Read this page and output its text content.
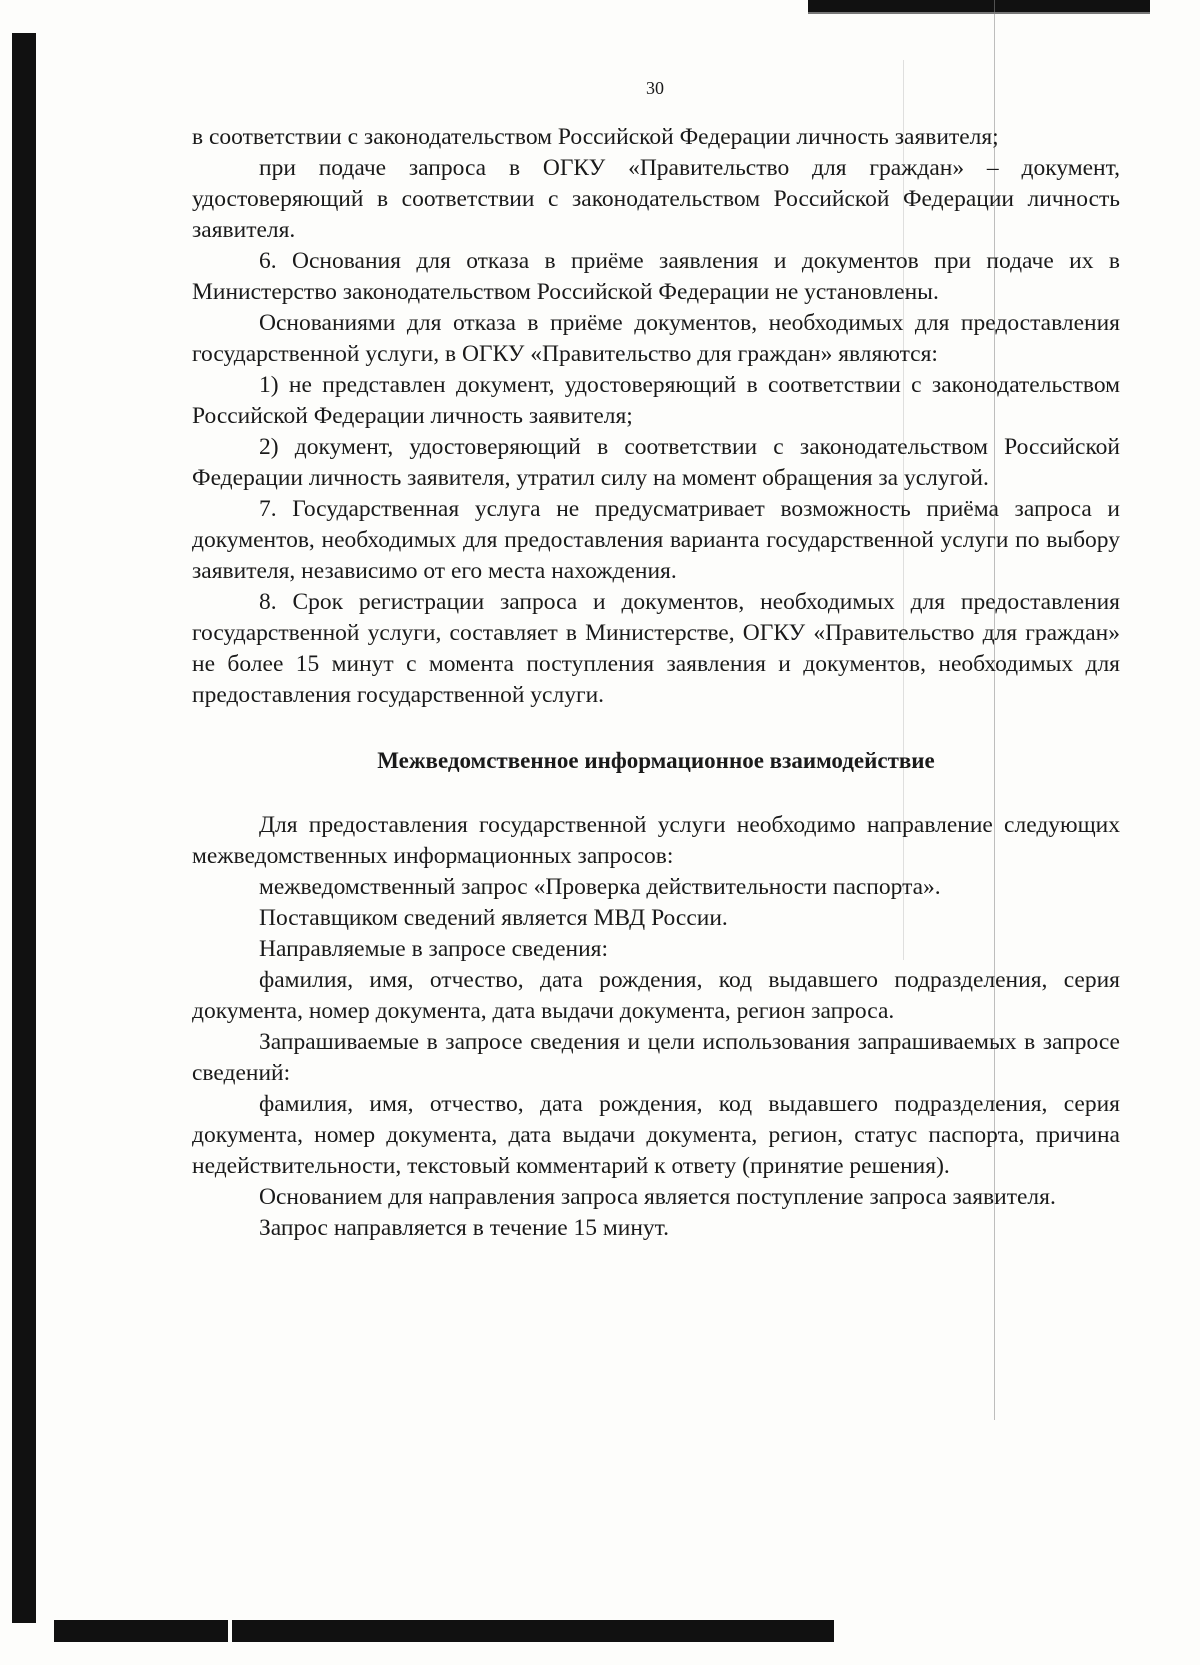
30

в соответствии с законодательством Российской Федерации личность заявителя;

при подаче запроса в ОГКУ «Правительство для граждан» – документ, удостоверяющий в соответствии с законодательством Российской Федерации личность заявителя.

6. Основания для отказа в приёме заявления и документов при подаче их в Министерство законодательством Российской Федерации не установлены.

Основаниями для отказа в приёме документов, необходимых для предоставления государственной услуги, в ОГКУ «Правительство для граждан» являются:

1) не представлен документ, удостоверяющий в соответствии с законодательством Российской Федерации личность заявителя;

2) документ, удостоверяющий в соответствии с законодательством Российской Федерации личность заявителя, утратил силу на момент обращения за услугой.

7. Государственная услуга не предусматривает возможность приёма запроса и документов, необходимых для предоставления варианта государственной услуги по выбору заявителя, независимо от его места нахождения.

8. Срок регистрации запроса и документов, необходимых для предоставления государственной услуги, составляет в Министерстве, ОГКУ «Правительство для граждан» не более 15 минут с момента поступления заявления и документов, необходимых для предоставления государственной услуги.

Межведомственное информационное взаимодействие

Для предоставления государственной услуги необходимо направление следующих межведомственных информационных запросов:

межведомственный запрос «Проверка действительности паспорта».

Поставщиком сведений является МВД России.

Направляемые в запросе сведения:

фамилия, имя, отчество, дата рождения, код выдавшего подразделения, серия документа, номер документа, дата выдачи документа, регион запроса.

Запрашиваемые в запросе сведения и цели использования запрашиваемых в запросе сведений:

фамилия, имя, отчество, дата рождения, код выдавшего подразделения, серия документа, номер документа, дата выдачи документа, регион, статус паспорта, причина недействительности, текстовый комментарий к ответу (принятие решения).

Основанием для направления запроса является поступление запроса заявителя.

Запрос направляется в течение 15 минут.
